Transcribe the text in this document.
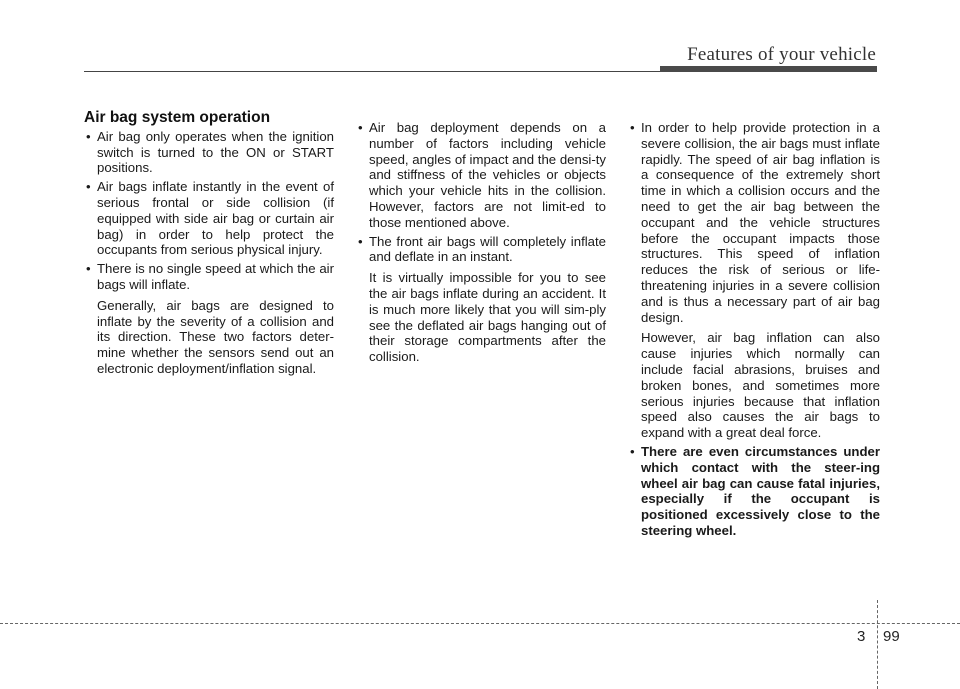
Features of your vehicle
Air bag system operation

• Air bag only operates when the ignition switch is turned to the ON or START positions.

• Air bags inflate instantly in the event of serious frontal or side collision (if equipped with side air bag or curtain air bag) in order to help protect the occupants from serious physical injury.

• There is no single speed at which the air bags will inflate.

Generally, air bags are designed to inflate by the severity of a collision and its direction. These two factors deter-mine whether the sensors send out an electronic deployment/inflation signal.

• Air bag deployment depends on a number of factors including vehicle speed, angles of impact and the densi-ty and stiffness of the vehicles or objects which your vehicle hits in the collision. However, factors are not limit-ed to those mentioned above.

• The front air bags will completely inflate and deflate in an instant.

It is virtually impossible for you to see the air bags inflate during an accident. It is much more likely that you will sim-ply see the deflated air bags hanging out of their storage compartments after the collision.

• In order to help provide protection in a severe collision, the air bags must inflate rapidly. The speed of air bag inflation is a consequence of the extremely short time in which a collision occurs and the need to get the air bag between the occupant and the vehicle structures before the occupant impacts those structures. This speed of inflation reduces the risk of serious or life-threatening injuries in a severe collision and is thus a necessary part of air bag design.

However, air bag inflation can also cause injuries which normally can include facial abrasions, bruises and broken bones, and sometimes more serious injuries because that inflation speed also causes the air bags to expand with a great deal force.

• There are even circumstances under which contact with the steer-ing wheel air bag can cause fatal injuries, especially if the occupant is positioned excessively close to the steering wheel.

3 99
